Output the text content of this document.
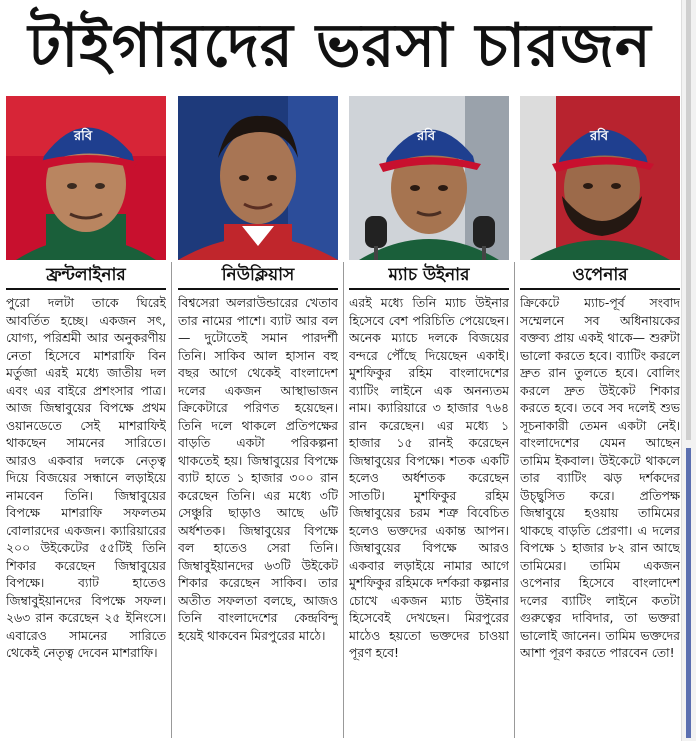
টাইগারদের ভরসা চারজন
রবি	রবি	রবি
ফ্রন্টলাইনার
পুরো দলটা তাকে ঘিরেই আবর্তিত হচ্ছে। একজন সৎ, যোগ্য, পরিশ্রমী আর অনুকরণীয় নেতা হিসেবে মাশরাফি বিন মর্তুজা এরই মধ্যে জাতীয় দল এবং এর বাইরে প্রশংসার পাত্র। আজ জিম্বাবুয়ের বিপক্ষে প্রথম ওয়ানডেতে সেই মাশরাফিই থাকছেন সামনের সারিতে। আরও একবার দলকে নেতৃত্ব দিয়ে বিজয়ের সন্ধানে লড়াইয়ে নামবেন তিনি। জিম্বাবুয়ের বিপক্ষে মাশরাফি সফলতম বোলারদের একজন। ক্যারিয়ারের ২০০ উইকেটের ৫৫টিই তিনি শিকার করেছেন জিম্বাবুয়ের বিপক্ষে। ব্যাট হাতেও জিম্বাবুইয়ানদের বিপক্ষে সফল। ২৬৩ রান করেছেন ২৫ ইনিংসে। এবারেও সামনের সারিতে থেকেই নেতৃত্ব দেবেন মাশরাফি।
নিউক্লিয়াস
বিশ্বসেরা অলরাউন্ডারের খেতাব তার নামের পাশে। ব্যাট আর বল— দুটোতেই সমান পারদর্শী তিনি। সাকিব আল হাসান বহু বছর আগে থেকেই বাংলাদেশ দলের একজন আস্থাভাজন ক্রিকেটারে পরিণত হয়েছেন। তিনি দলে থাকলে প্রতিপক্ষের বাড়তি একটা পরিকল্পনা থাকতেই হয়। জিম্বাবুয়ের বিপক্ষে ব্যাট হাতে ১ হাজার ৩০০ রান করেছেন তিনি। এর মধ্যে ৩টি সেঞ্চুরি ছাড়াও আছে ৬টি অর্ধশতক। জিম্বাবুয়ের বিপক্ষে বল হাতেও সেরা তিনি। জিম্বাবুইয়ানদের ৬৩টি উইকেট শিকার করেছেন সাকিব। তার অতীত সফলতা বলছে, আজও তিনি বাংলাদেশের কেন্দ্রবিন্দু হয়েই থাকবেন মিরপুরের মাঠে।
ম্যাচ উইনার
এরই মধ্যে তিনি ম্যাচ উইনার হিসেবে বেশ পরিচিতি পেয়েছেন। অনেক ম্যাচে দলকে বিজয়ের বন্দরে পৌঁছে দিয়েছেন একাই। মুশফিকুর রহিম বাংলাদেশের ব্যাটিং লাইনে এক অনন্যতম নাম। ক্যারিয়ারে ৩ হাজার ৭৬৪ রান করেছেন। এর মধ্যে ১ হাজার ১৫ রানই করেছেন জিম্বাবুয়ের বিপক্ষে। শতক একটি হলেও অর্ধশতক করেছেন সাতটি। মুশফিকুর রহিম জিম্বাবুয়ের চরম শত্রু বিবেচিত হলেও ভক্তদের একান্ত আপন। জিম্বাবুয়ের বিপক্ষে আরও একবার লড়াইয়ে নামার আগে মুশফিকুর রহিমকে দর্শকরা কল্পনার চোখে একজন ম্যাচ উইনার হিসেবেই দেখছেন। মিরপুরের মাঠেও হয়তো ভক্তদের চাওয়া পূরণ হবে!
ওপেনার
ক্রিকেটে ম্যাচ-পূর্ব সংবাদ সম্মেলনে সব অধিনায়কের বক্তব্য প্রায় একই থাকে— শুরুটা ভালো করতে হবে। ব্যাটিং করলে দ্রুত রান তুলতে হবে। বোলিং করলে দ্রুত উইকেট শিকার করতে হবে। তবে সব দলেই শুভ সূচনাকারী তেমন একটা নেই। বাংলাদেশের যেমন আছেন তামিম ইকবাল। উইকেটে থাকলে তার ব্যাটিং ঝড় দর্শকদের উচ্ছ্বসিত করে। প্রতিপক্ষ জিম্বাবুয়ে হওয়ায় তামিমের থাকছে বাড়তি প্রেরণা। এ দলের বিপক্ষে ১ হাজার ৮২ রান আছে তামিমের। তামিম একজন ওপেনার হিসেবে বাংলাদেশ দলের ব্যাটিং লাইনে কতটা গুরুত্বের দাবিদার, তা ভক্তরা ভালোই জানেন। তামিম ভক্তদের আশা পূরণ করতে পারবেন তো!
